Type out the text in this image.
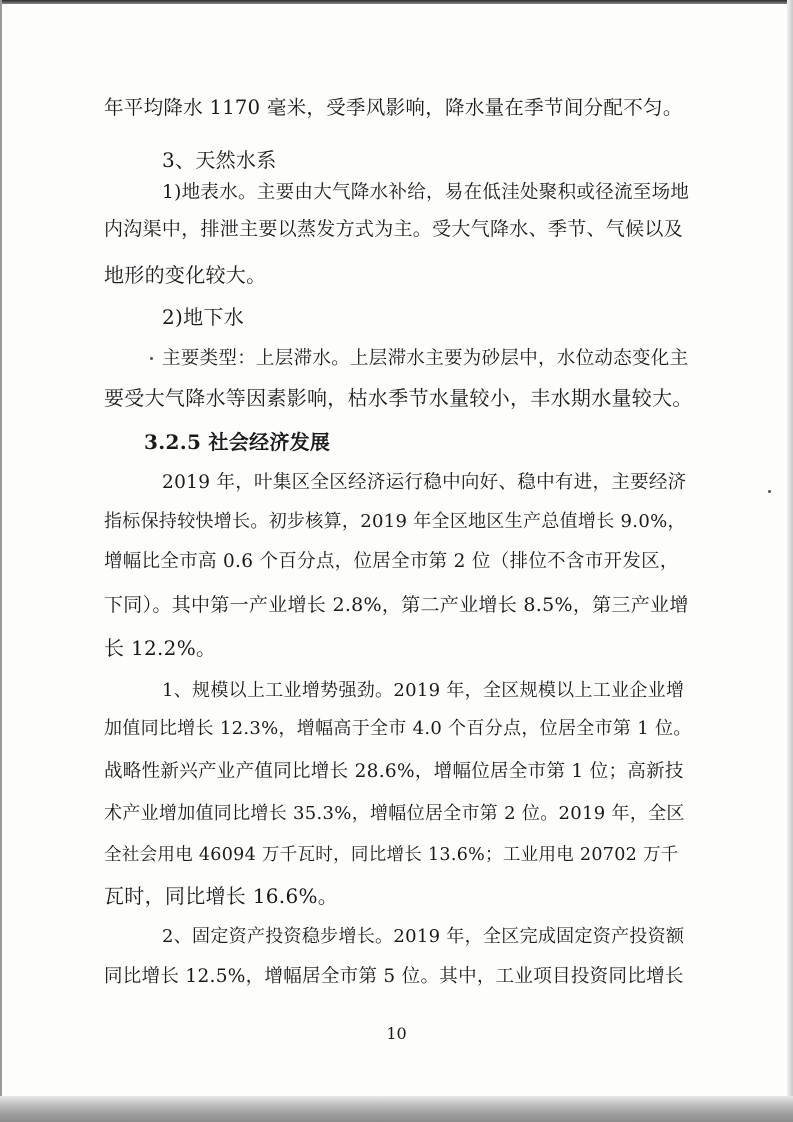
年平均降水 1170 毫米，受季风影响，降水量在季节间分配不匀。
3、天然水系
1)地表水。主要由大气降水补给，易在低洼处聚积或径流至场地
内沟渠中，排泄主要以蒸发方式为主。受大气降水、季节、气候以及
地形的变化较大。
2)地下水
主要类型：上层滞水。上层滞水主要为砂层中，水位动态变化主
要受大气降水等因素影响，枯水季节水量较小，丰水期水量较大。
3.2.5 社会经济发展
2019 年，叶集区全区经济运行稳中向好、稳中有进，主要经济
指标保持较快增长。初步核算，2019 年全区地区生产总值增长 9.0%，
增幅比全市高 0.6 个百分点，位居全市第 2 位（排位不含市开发区，
下同）。其中第一产业增长 2.8%，第二产业增长 8.5%，第三产业增
长 12.2%。
1、规模以上工业增势强劲。2019 年，全区规模以上工业企业增
加值同比增长 12.3%，增幅高于全市 4.0 个百分点，位居全市第 1 位。
战略性新兴产业产值同比增长 28.6%，增幅位居全市第 1 位；高新技
术产业增加值同比增长 35.3%，增幅位居全市第 2 位。2019 年，全区
全社会用电 46094 万千瓦时，同比增长 13.6%；工业用电 20702 万千
瓦时，同比增长 16.6%。
2、固定资产投资稳步增长。2019 年，全区完成固定资产投资额
同比增长 12.5%，增幅居全市第 5 位。其中，工业项目投资同比增长
10
